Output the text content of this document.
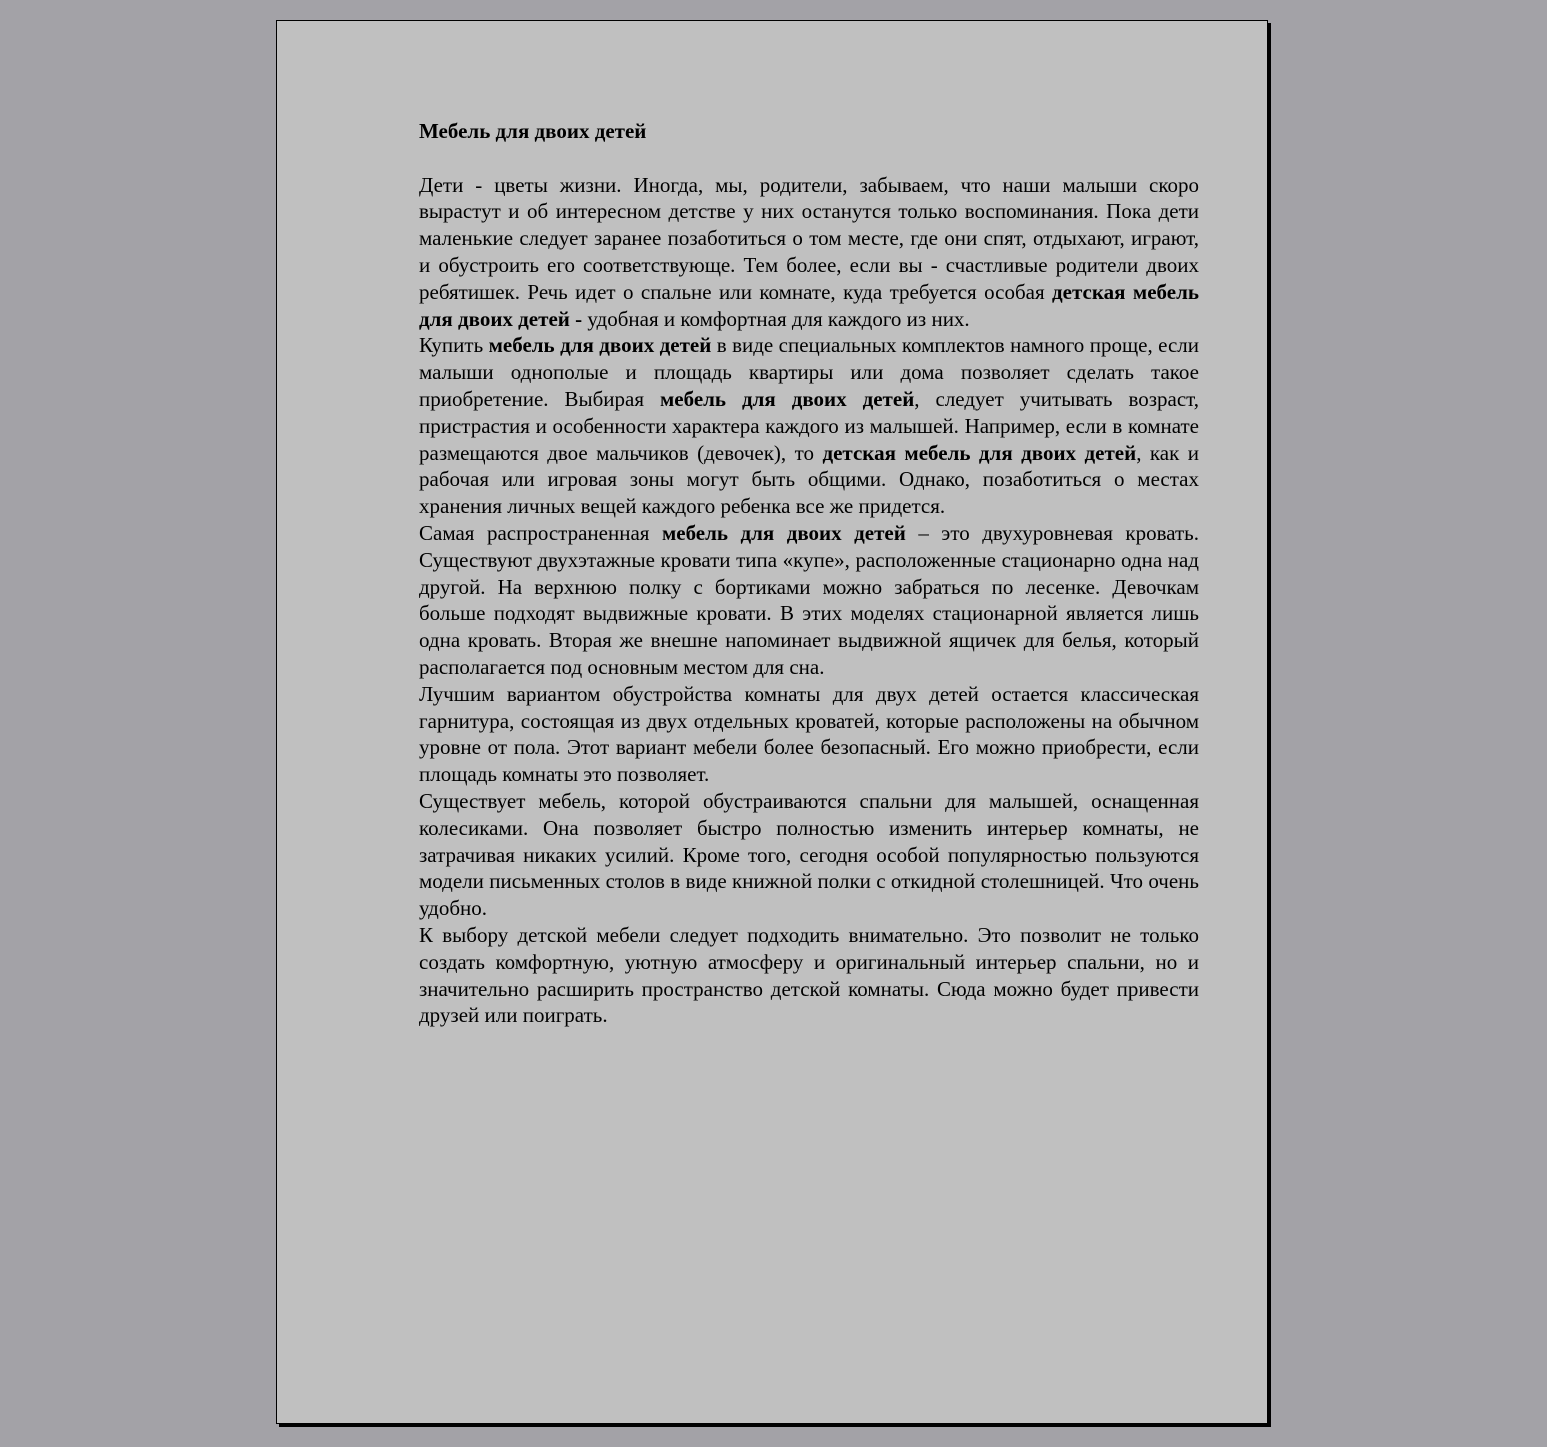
Мебель для двоих детей

Дети - цветы жизни. Иногда, мы, родители, забываем, что наши малыши скоро вырастут и об интересном детстве у них останутся только воспоминания. Пока дети маленькие следует заранее позаботиться о том месте, где они спят, отдыхают, играют, и обустроить его соответствующе. Тем более, если вы - счастливые родители двоих ребятишек. Речь идет о спальне или комнате, куда требуется особая детская мебель для двоих детей - удобная и комфортная для каждого из них.

Купить мебель для двоих детей в виде специальных комплектов намного проще, если малыши однополые и площадь квартиры или дома позволяет сделать такое приобретение. Выбирая мебель для двоих детей, следует учитывать возраст, пристрастия и особенности характера каждого из малышей. Например, если в комнате размещаются двое мальчиков (девочек), то детская мебель для двоих детей, как и рабочая или игровая зоны могут быть общими. Однако, позаботиться о местах хранения личных вещей каждого ребенка все же придется.

Самая распространенная мебель для двоих детей – это двухуровневая кровать. Существуют двухэтажные кровати типа «купе», расположенные стационарно одна над другой. На верхнюю полку с бортиками можно забраться по лесенке. Девочкам больше подходят выдвижные кровати. В этих моделях стационарной является лишь одна кровать. Вторая же внешне напоминает выдвижной ящичек для белья, который располагается под основным местом для сна.

Лучшим вариантом обустройства комнаты для двух детей остается классическая гарнитура, состоящая из двух отдельных кроватей, которые расположены на обычном уровне от пола. Этот вариант мебели более безопасный. Его можно приобрести, если площадь комнаты это позволяет.

Существует мебель, которой обустраиваются спальни для малышей, оснащенная колесиками. Она позволяет быстро полностью изменить интерьер комнаты, не затрачивая никаких усилий. Кроме того, сегодня особой популярностью пользуются модели письменных столов в виде книжной полки с откидной столешницей. Что очень удобно.

К выбору детской мебели следует подходить внимательно. Это позволит не только создать комфортную, уютную атмосферу и оригинальный интерьер спальни, но и значительно расширить пространство детской комнаты. Сюда можно будет привести друзей или поиграть.
